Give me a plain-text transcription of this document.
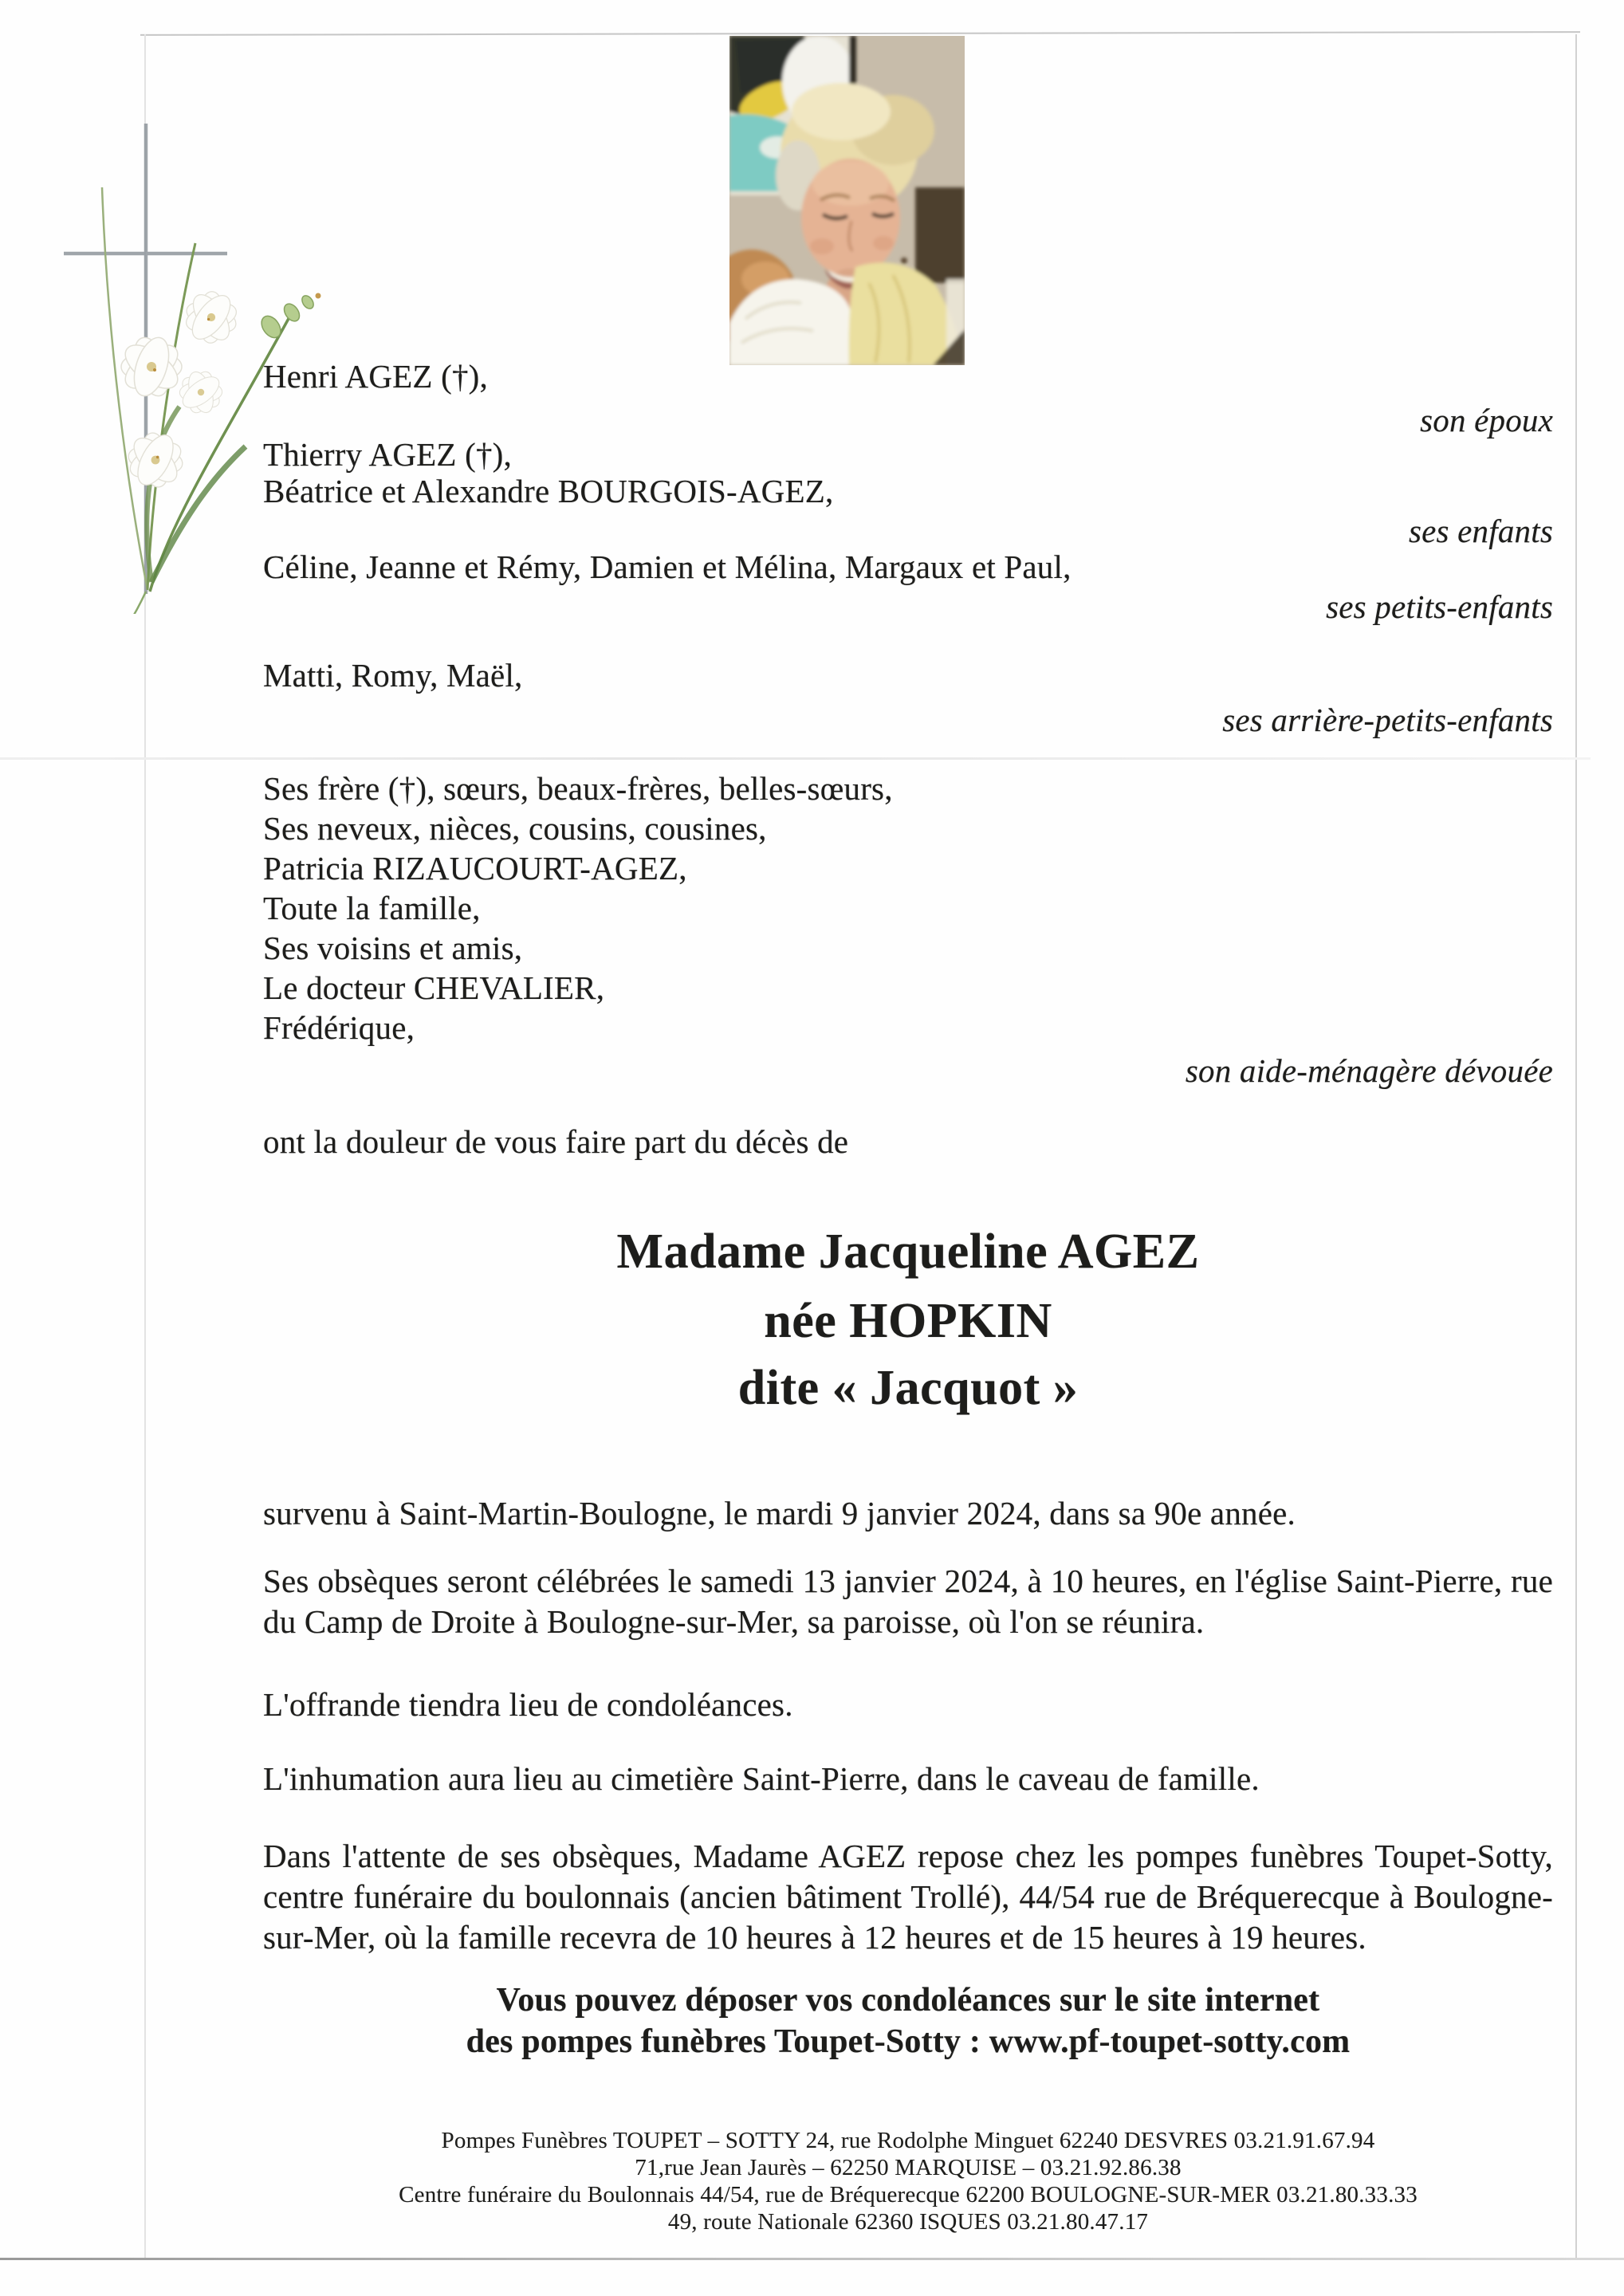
Henri AGEZ (†),
son époux
Thierry AGEZ (†),
Béatrice et Alexandre BOURGOIS-AGEZ,
ses enfants
Céline, Jeanne et Rémy, Damien et Mélina, Margaux et Paul,
ses petits-enfants
Matti, Romy, Maël,
ses arrière-petits-enfants
Ses frère (†), sœurs, beaux-frères, belles-sœurs,
Ses neveux, nièces, cousins, cousines,
Patricia RIZAUCOURT-AGEZ,
Toute la famille,
Ses voisins et amis,
Le docteur CHEVALIER,
Frédérique,
son aide-ménagère dévouée
ont la douleur de vous faire part du décès de
Madame Jacqueline AGEZ
née HOPKIN
dite « Jacquot »
survenu à Saint-Martin-Boulogne, le mardi 9 janvier 2024, dans sa 90e année.
Ses obsèques seront célébrées le samedi 13 janvier 2024, à 10 heures, en l'église Saint-Pierre, rue du Camp de Droite à Boulogne-sur-Mer, sa paroisse, où l'on se réunira.
L'offrande tiendra lieu de condoléances.
L'inhumation aura lieu au cimetière Saint-Pierre, dans le caveau de famille.
Dans l'attente de ses obsèques, Madame AGEZ repose chez les pompes funèbres Toupet-Sotty, centre funéraire du boulonnais (ancien bâtiment Trollé), 44/54 rue de Bréquerecque à Boulogne-sur-Mer, où la famille recevra de 10 heures à 12 heures et de 15 heures à 19 heures.
Vous pouvez déposer vos condoléances sur le site internet
des pompes funèbres Toupet-Sotty : www.pf-toupet-sotty.com
Pompes Funèbres TOUPET – SOTTY 24, rue Rodolphe Minguet 62240 DESVRES 03.21.91.67.94
71,rue Jean Jaurès – 62250 MARQUISE – 03.21.92.86.38
Centre funéraire du Boulonnais 44/54, rue de Bréquerecque 62200 BOULOGNE-SUR-MER 03.21.80.33.33
49, route Nationale 62360 ISQUES 03.21.80.47.17
